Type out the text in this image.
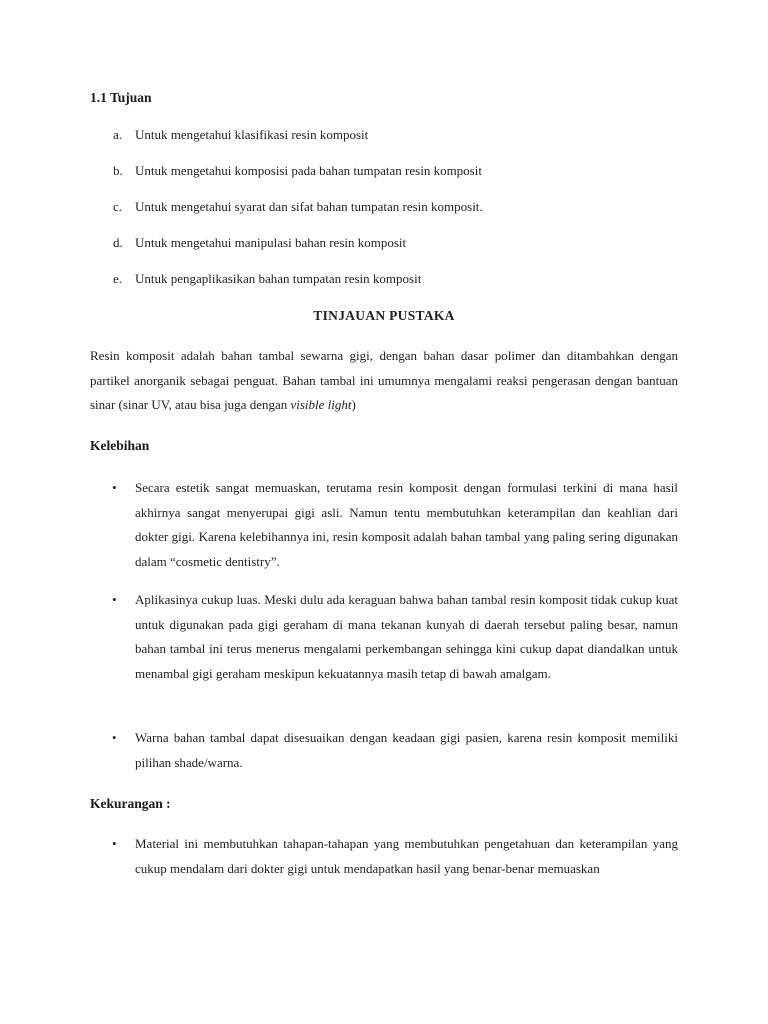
1.1 Tujuan
a. Untuk mengetahui klasifikasi resin komposit
b. Untuk mengetahui komposisi pada bahan tumpatan resin komposit
c. Untuk mengetahui syarat dan sifat bahan tumpatan resin komposit.
d. Untuk mengetahui manipulasi bahan resin komposit
e. Untuk pengaplikasikan bahan tumpatan resin komposit
TINJAUAN PUSTAKA

Resin komposit adalah bahan tambal sewarna gigi, dengan bahan dasar polimer dan ditambahkan dengan partikel anorganik sebagai penguat. Bahan tambal ini umumnya mengalami reaksi pengerasan dengan bantuan sinar (sinar UV, atau bisa juga dengan visible light)

Kelebihan
•	Secara estetik sangat memuaskan, terutama resin komposit dengan formulasi terkini di mana hasil akhirnya sangat menyerupai gigi asli. Namun tentu membutuhkan keterampilan dan keahlian dari dokter gigi. Karena kelebihannya ini, resin komposit adalah bahan tambal yang paling sering digunakan dalam “cosmetic dentistry”.
•	Aplikasinya cukup luas. Meski dulu ada keraguan bahwa bahan tambal resin komposit tidak cukup kuat untuk digunakan pada gigi geraham di mana tekanan kunyah di daerah tersebut paling besar, namun bahan tambal ini terus menerus mengalami perkembangan sehingga kini cukup dapat diandalkan untuk menambal gigi geraham meskipun kekuatannya masih tetap di bawah amalgam.
•	Warna bahan tambal dapat disesuaikan dengan keadaan gigi pasien, karena resin komposit memiliki pilihan shade/warna.
Kekurangan :
•	Material ini membutuhkan tahapan-tahapan yang membutuhkan pengetahuan dan keterampilan yang cukup mendalam dari dokter gigi untuk mendapatkan hasil yang benar-benar memuaskan
